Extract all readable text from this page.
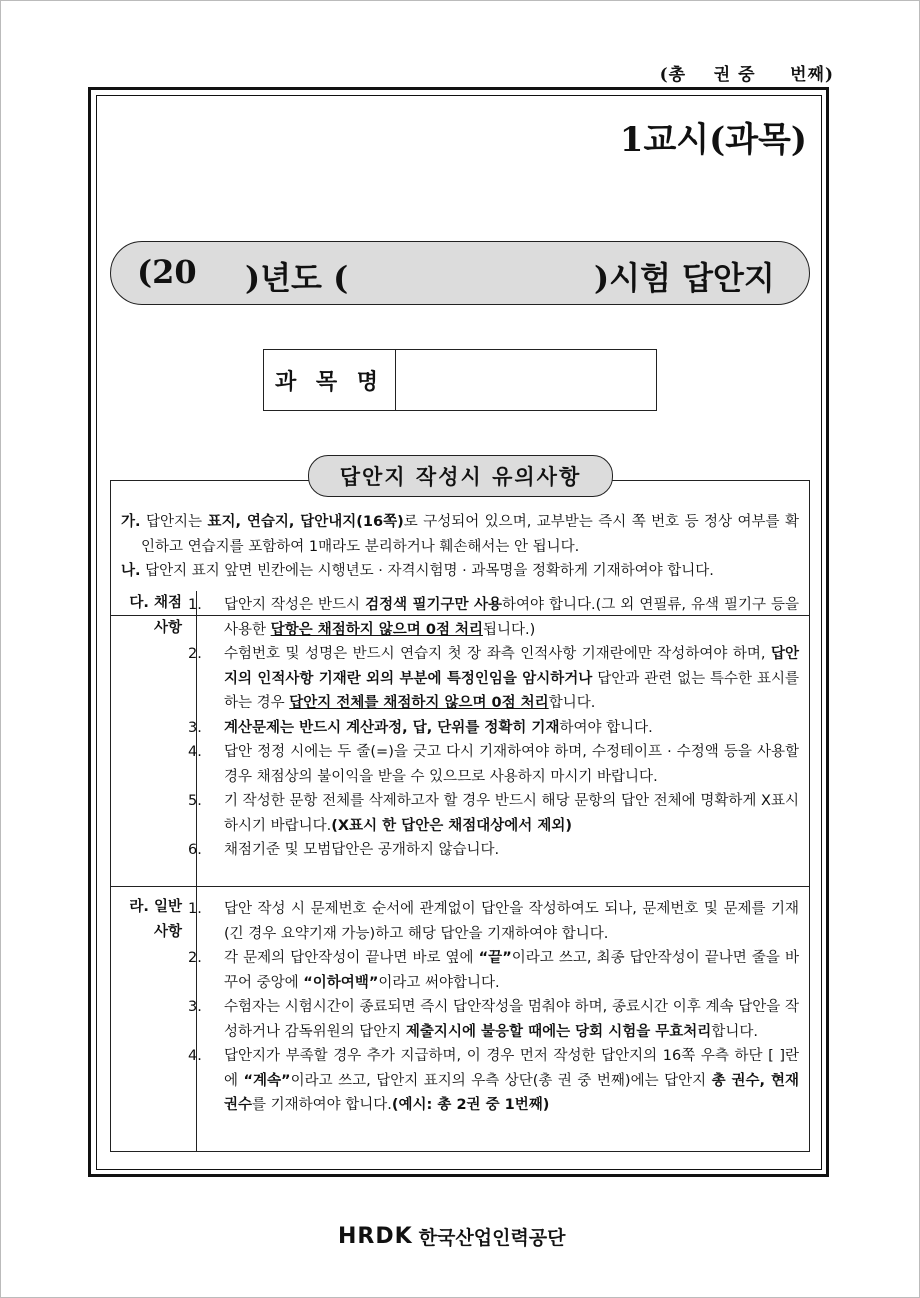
(총    권 중     번째)
1교시(과목)
(20 )년도 (	)시험 답안지
과 목 명
답안지 작성시 유의사항
가. 답안지는 표지, 연습지, 답안내지(16쪽)로 구성되어 있으며, 교부받는 즉시 쪽 번호 등 정상 여부를 확인하고 연습지를 포함하여 1매라도 분리하거나 훼손해서는 안 됩니다.
나. 답안지 표지 앞면 빈칸에는 시행년도 · 자격시험명 · 과목명을 정확하게 기재하여야 합니다.
다. 채점
사항
1. 답안지 작성은 반드시 검정색 필기구만 사용하여야 합니다.(그 외 연필류, 유색 필기구 등을 사용한 답항은 채점하지 않으며 0점 처리됩니다.)
2. 수험번호 및 성명은 반드시 연습지 첫 장 좌측 인적사항 기재란에만 작성하여야 하며, 답안지의 인적사항 기재란 외의 부분에 특정인임을 암시하거나 답안과 관련 없는 특수한 표시를 하는 경우 답안지 전체를 채점하지 않으며 0점 처리합니다.
3. 계산문제는 반드시 계산과정, 답, 단위를 정확히 기재하여야 합니다.
4. 답안 정정 시에는 두 줄(=)을 긋고 다시 기재하여야 하며, 수정테이프 · 수정액 등을 사용할 경우 채점상의 불이익을 받을 수 있으므로 사용하지 마시기 바랍니다.
5. 기 작성한 문항 전체를 삭제하고자 할 경우 반드시 해당 문항의 답안 전체에 명확하게 X표시하시기 바랍니다.(X표시 한 답안은 채점대상에서 제외)
6. 채점기준 및 모범답안은 공개하지 않습니다.
라. 일반
사항
1. 답안 작성 시 문제번호 순서에 관계없이 답안을 작성하여도 되나, 문제번호 및 문제를 기재(긴 경우 요약기재 가능)하고 해당 답안을 기재하여야 합니다.
2. 각 문제의 답안작성이 끝나면 바로 옆에 “끝”이라고 쓰고, 최종 답안작성이 끝나면 줄을 바꾸어 중앙에 “이하여백”이라고 써야합니다.
3. 수험자는 시험시간이 종료되면 즉시 답안작성을 멈춰야 하며, 종료시간 이후 계속 답안을 작성하거나 감독위원의 답안지 제출지시에 불응할 때에는 당회 시험을 무효처리합니다.
4. 답안지가 부족할 경우 추가 지급하며, 이 경우 먼저 작성한 답안지의 16쪽 우측 하단 [ ]란에 “계속”이라고 쓰고, 답안지 표지의 우측 상단(총 권 중 번째)에는 답안지 총 권수, 현재 권수를 기재하여야 합니다.(예시: 총 2권 중 1번째)
HRDK 한국산업인력공단
